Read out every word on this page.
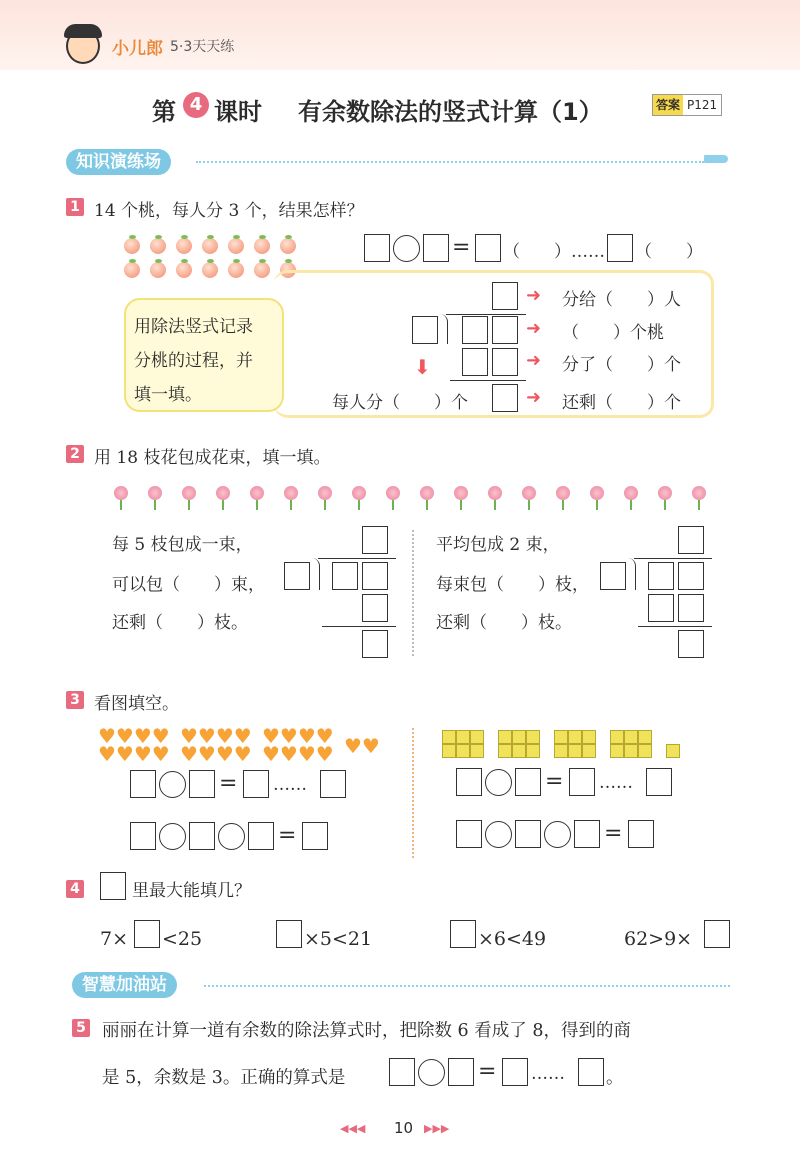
小儿郎 5·3天天练
第 4 课时 有余数除法的竖式计算（1）	答案 P121
知识演练场
1 14 个桃，每人分 3 个，结果怎样？
= （　　）…… （　　）
用除法竖式记录
分桃的过程，并
填一填。
⬇
➜ 分给（　　）人
➜ （　　）个桃
➜ 分了（　　）个
每人分（　　）个	➜ 还剩（　　）个
2 用 18 枝花包成花束，填一填。
每 5 枝包成一束，
可以包（　　）束，
还剩（　　）枝。
平均包成 2 束，
每束包（　　）枝，
还剩（　　）枝。
3 看图填空。
♥♥♥♥
♥♥♥♥
♥♥♥♥
♥♥♥♥
♥♥♥♥
♥♥♥♥ ♥♥
= ……
=
= ……
=
4	里最大能填几？
7× <25	×5<21	×6<49	62>9×
智慧加油站
5 丽丽在计算一道有余数的除法算式时，把除数 6 看成了 8，得到的商
是 5，余数是 3。正确的算式是	= …… 。
◀◀◀ 10 ▶▶▶
